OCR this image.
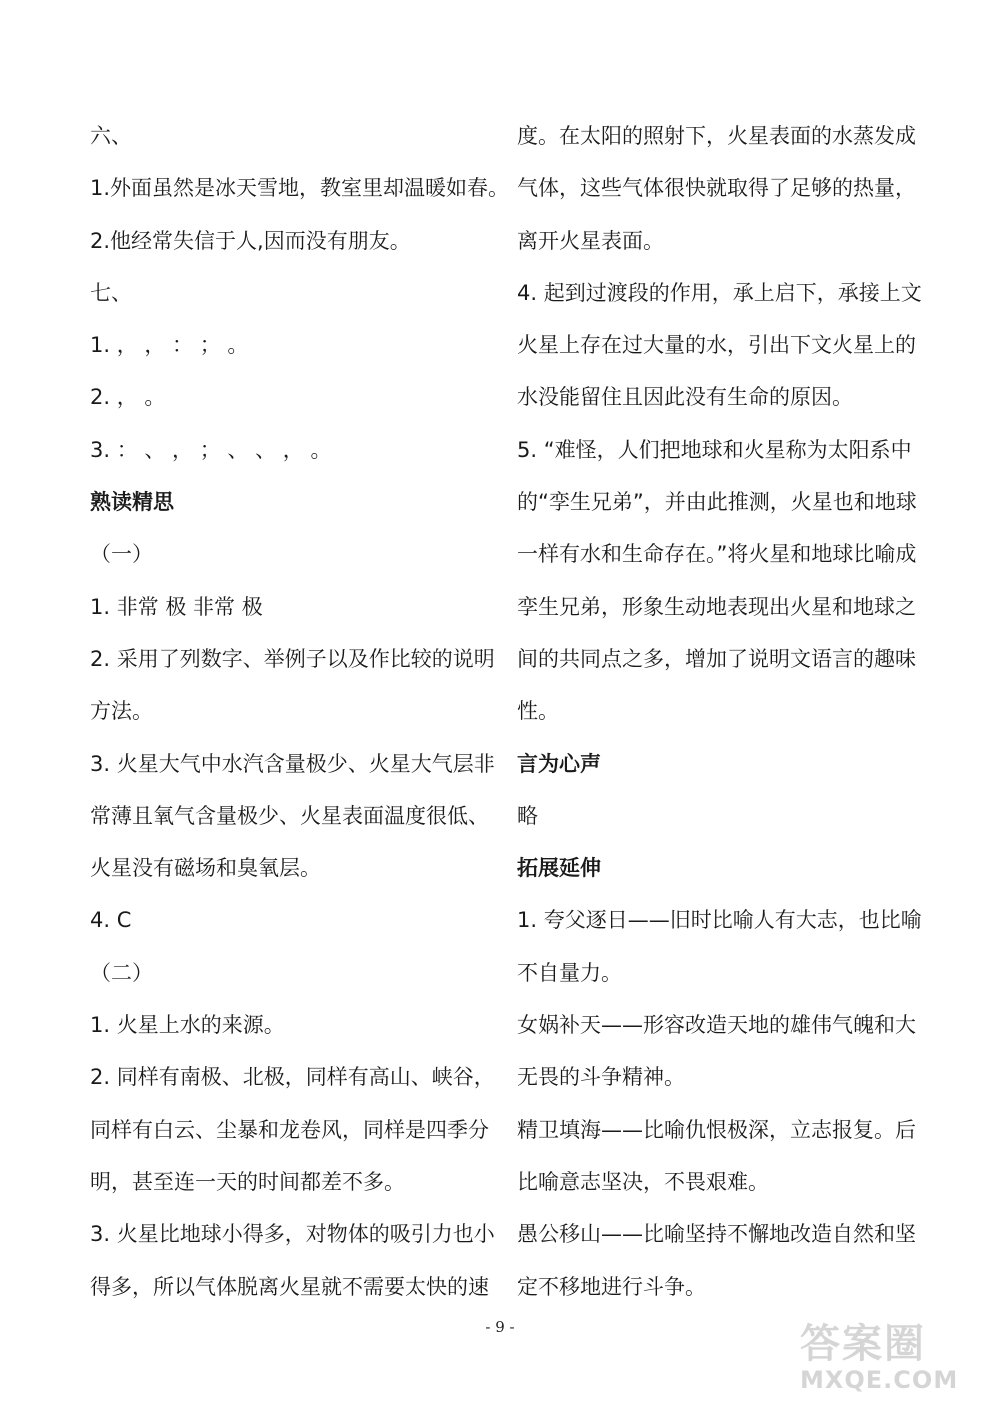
六、
1.外面虽然是冰天雪地，教室里却温暖如春。
2.他经常失信于人,因而没有朋友。
七、
1. ， ， ： ； 。
2. ， 。
3. ： 、 ， ； 、 、 ， 。
熟读精思
（一）
1. 非常 极 非常 极
2. 采用了列数字、举例子以及作比较的说明
方法。
3. 火星大气中水汽含量极少、火星大气层非
常薄且氧气含量极少、火星表面温度很低、
火星没有磁场和臭氧层。
4. C
（二）
1. 火星上水的来源。
2. 同样有南极、北极，同样有高山、峡谷，
同样有白云、尘暴和龙卷风，同样是四季分
明，甚至连一天的时间都差不多。
3. 火星比地球小得多，对物体的吸引力也小
得多，所以气体脱离火星就不需要太快的速
度。在太阳的照射下，火星表面的水蒸发成
气体，这些气体很快就取得了足够的热量，
离开火星表面。
4. 起到过渡段的作用，承上启下，承接上文
火星上存在过大量的水，引出下文火星上的
水没能留住且因此没有生命的原因。
5. “难怪，人们把地球和火星称为太阳系中
的“孪生兄弟”，并由此推测，火星也和地球
一样有水和生命存在。”将火星和地球比喻成
孪生兄弟，形象生动地表现出火星和地球之
间的共同点之多，增加了说明文语言的趣味
性。
言为心声
略
拓展延伸
1. 夸父逐日——旧时比喻人有大志，也比喻
不自量力。
女娲补天——形容改造天地的雄伟气魄和大
无畏的斗争精神。
精卫填海——比喻仇恨极深，立志报复。后
比喻意志坚决，不畏艰难。
愚公移山——比喻坚持不懈地改造自然和坚
定不移地进行斗争。
- 9 -	答案圈
MXQE.COM
